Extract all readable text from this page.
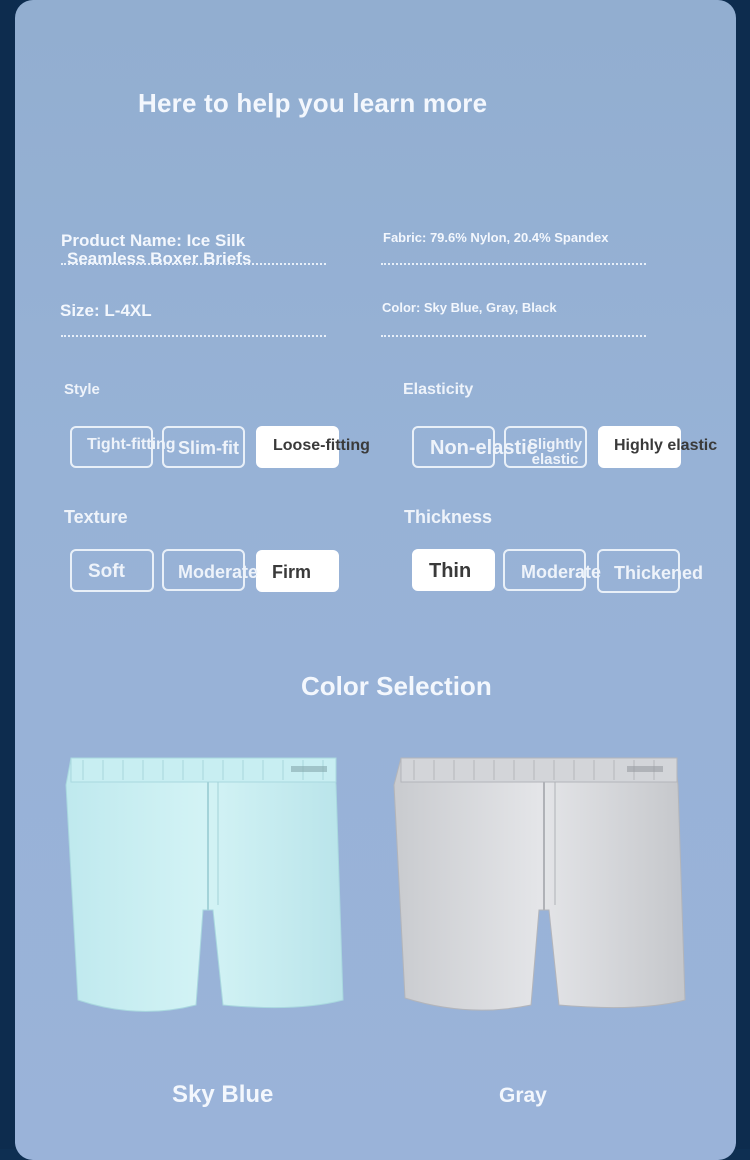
Here to help you learn more
Product Name: Ice Silk
Seamless Boxer Briefs
Fabric: 79.6% Nylon, 20.4% Spandex
Size: L-4XL	Color: Sky Blue, Gray, Black
Style
Tight-fitting Slim-fit Loose-fitting
Elasticity
Non-elastic
Slightly elastic
Highly elastic
Texture
Soft	Moderate Firm
Thickness
Thin	Moderate Thickened
Color Selection
Sky Blue	Gray
